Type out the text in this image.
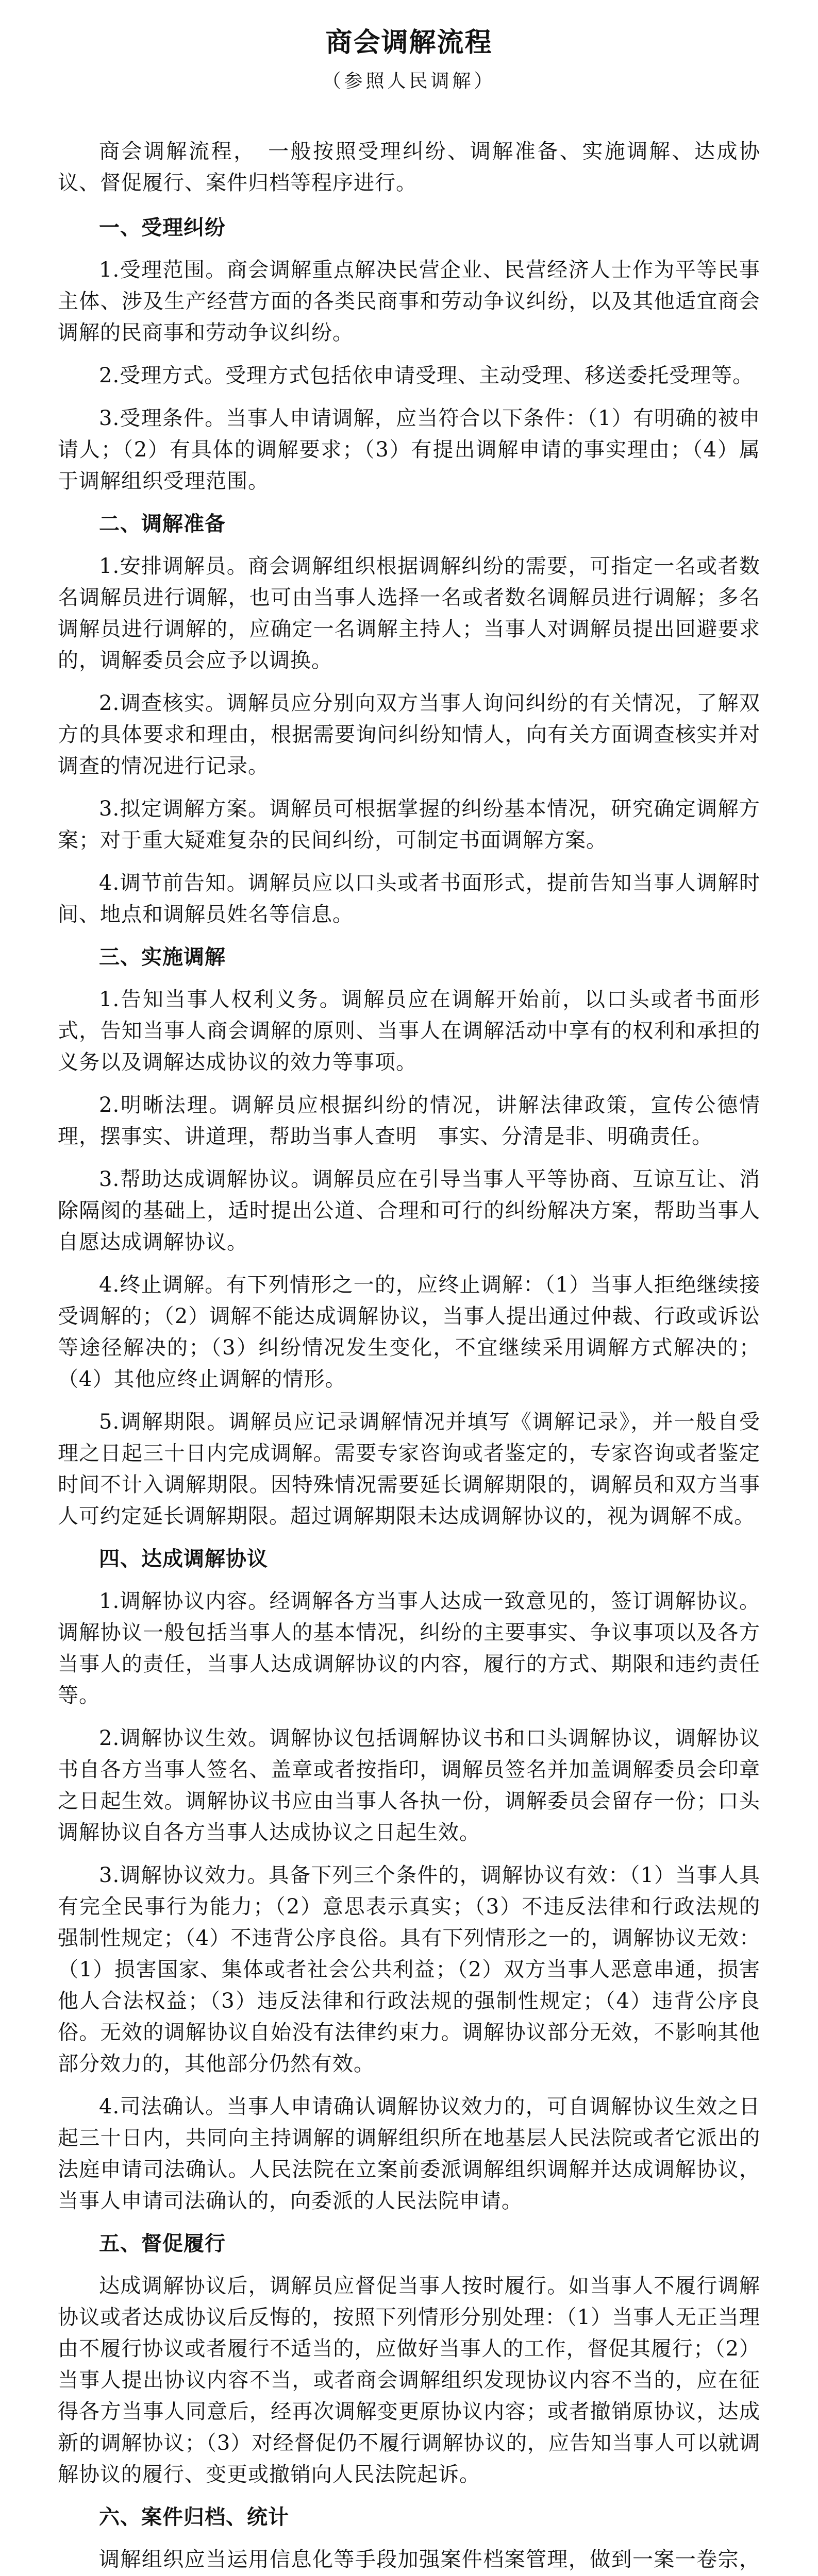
商会调解流程
（参照人民调解）

商会调解流程，　一般按照受理纠纷、调解准备、实施调解、达成协议、督促履行、案件归档等程序进行。

一、受理纠纷

1.受理范围。商会调解重点解决民营企业、民营经济人士作为平等民事主体、涉及生产经营方面的各类民商事和劳动争议纠纷，以及其他适宜商会调解的民商事和劳动争议纠纷。

2.受理方式。受理方式包括依申请受理、主动受理、移送委托受理等。

3.受理条件。当事人申请调解，应当符合以下条件：（1）有明确的被申请人；（2）有具体的调解要求；（3）有提出调解申请的事实理由；（4）属于调解组织受理范围。

二、调解准备

1.安排调解员。商会调解组织根据调解纠纷的需要，可指定一名或者数名调解员进行调解，也可由当事人选择一名或者数名调解员进行调解；多名调解员进行调解的，应确定一名调解主持人；当事人对调解员提出回避要求的，调解委员会应予以调换。

2.调查核实。调解员应分别向双方当事人询问纠纷的有关情况，了解双方的具体要求和理由，根据需要询问纠纷知情人，向有关方面调查核实并对调查的情况进行记录。

3.拟定调解方案。调解员可根据掌握的纠纷基本情况，研究确定调解方案；对于重大疑难复杂的民间纠纷，可制定书面调解方案。

4.调节前告知。调解员应以口头或者书面形式，提前告知当事人调解时间、地点和调解员姓名等信息。

三、实施调解

1.告知当事人权利义务。调解员应在调解开始前，以口头或者书面形式，告知当事人商会调解的原则、当事人在调解活动中享有的权利和承担的义务以及调解达成协议的效力等事项。

2.明晰法理。调解员应根据纠纷的情况，讲解法律政策，宣传公德情理，摆事实、讲道理，帮助当事人查明　事实、分清是非、明确责任。

3.帮助达成调解协议。调解员应在引导当事人平等协商、互谅互让、消除隔阂的基础上，适时提出公道、合理和可行的纠纷解决方案，帮助当事人自愿达成调解协议。

4.终止调解。有下列情形之一的，应终止调解：（1）当事人拒绝继续接受调解的；（2）调解不能达成调解协议，当事人提出通过仲裁、行政或诉讼等途径解决的；（3）纠纷情况发生变化，不宜继续采用调解方式解决的；（4）其他应终止调解的情形。

5.调解期限。调解员应记录调解情况并填写《调解记录》，并一般自受理之日起三十日内完成调解。需要专家咨询或者鉴定的，专家咨询或者鉴定时间不计入调解期限。因特殊情况需要延长调解期限的，调解员和双方当事人可约定延长调解期限。超过调解期限未达成调解协议的，视为调解不成。

四、达成调解协议

1.调解协议内容。经调解各方当事人达成一致意见的，签订调解协议。调解协议一般包括当事人的基本情况，纠纷的主要事实、争议事项以及各方当事人的责任，当事人达成调解协议的内容，履行的方式、期限和违约责任等。

2.调解协议生效。调解协议包括调解协议书和口头调解协议，调解协议书自各方当事人签名、盖章或者按指印，调解员签名并加盖调解委员会印章之日起生效。调解协议书应由当事人各执一份，调解委员会留存一份；口头调解协议自各方当事人达成协议之日起生效。

3.调解协议效力。具备下列三个条件的，调解协议有效：（1）当事人具有完全民事行为能力；（2）意思表示真实；（3）不违反法律和行政法规的强制性规定；（4）不违背公序良俗。具有下列情形之一的，调解协议无效：（1）损害国家、集体或者社会公共利益；（2）双方当事人恶意串通，损害他人合法权益；（3）违反法律和行政法规的强制性规定；（4）违背公序良俗。无效的调解协议自始没有法律约束力。调解协议部分无效，不影响其他部分效力的，其他部分仍然有效。

4.司法确认。当事人申请确认调解协议效力的，可自调解协议生效之日起三十日内，共同向主持调解的调解组织所在地基层人民法院或者它派出的法庭申请司法确认。人民法院在立案前委派调解组织调解并达成调解协议，当事人申请司法确认的，向委派的人民法院申请。

五、督促履行

达成调解协议后，调解员应督促当事人按时履行。如当事人不履行调解协议或者达成协议后反悔的，按照下列情形分别处理：（1）当事人无正当理由不履行协议或者履行不适当的，应做好当事人的工作，督促其履行；（2）当事人提出协议内容不当，或者商会调解组织发现协议内容不当的，应在征得各方当事人同意后，经再次调解变更原协议内容；或者撤销原协议，达成新的调解协议；（3）对经督促仍不履行调解协议的，应告知当事人可以就调解协议的履行、变更或撤销向人民法院起诉。

六、案件归档、统计

调解组织应当运用信息化等手段加强案件档案管理，做到一案一卷宗，
